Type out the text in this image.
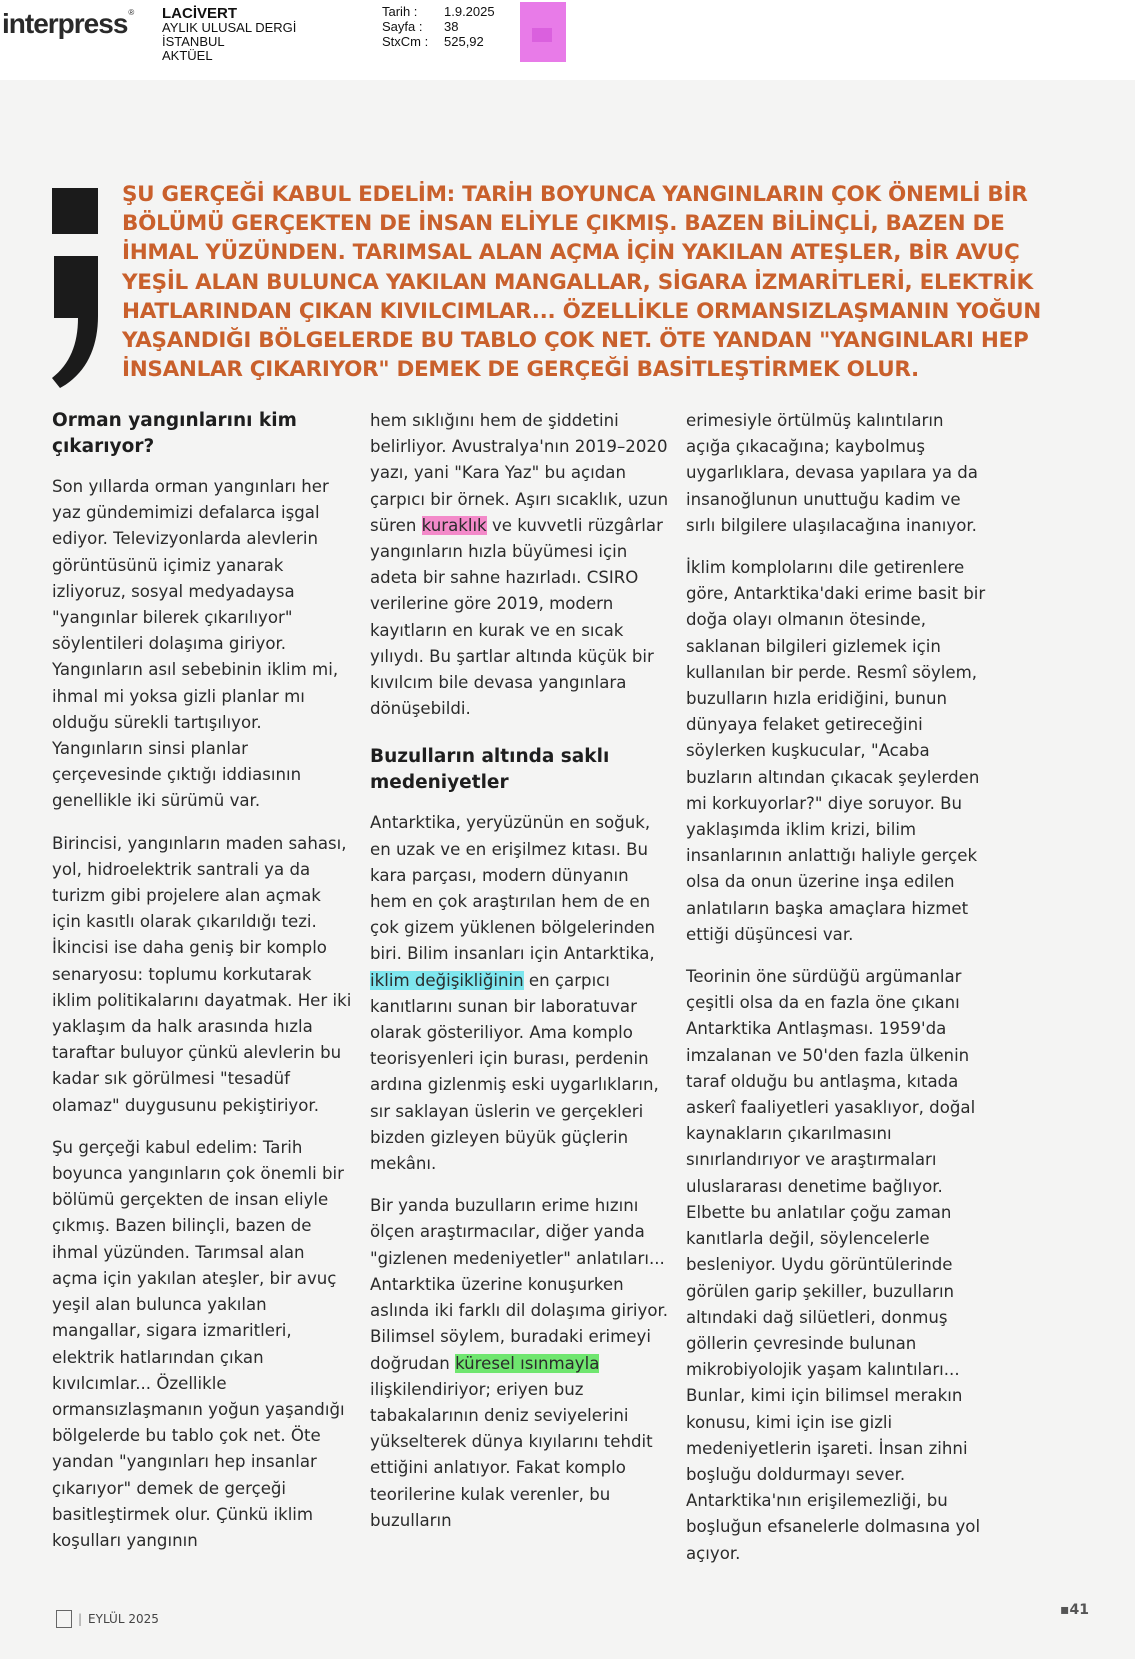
interpress® LACİVERT
AYLIK ULUSAL DERGİ
İSTANBUL
AKTÜEL
Tarih :	1.9.2025
Sayfa :	38
StxCm :	525,92

ŞU GERÇEĞİ KABUL EDELİM: TARİH BOYUNCA YANGINLARIN ÇOK ÖNEMLİ BİR BÖLÜMÜ GERÇEKTEN DE İNSAN ELİYLE ÇIKMIŞ. BAZEN BİLİNÇLİ, BAZEN DE İHMAL YÜZÜNDEN. TARIMSAL ALAN AÇMA İÇİN YAKILAN ATEŞLER, BİR AVUÇ YEŞİL ALAN BULUNCA YAKILAN MANGALLAR, SİGARA İZMARİTLERİ, ELEKTRİK HATLARINDAN ÇIKAN KIVILCIMLAR... ÖZELLİKLE ORMANSIZLAŞMANIN YOĞUN YAŞANDIĞI BÖLGELERDE BU TABLO ÇOK NET. ÖTE YANDAN "YANGINLARI HEP İNSANLAR ÇIKARIYOR" DEMEK DE GERÇEĞİ BASİTLEŞTİRMEK OLUR.

Orman yangınlarını kim çıkarıyor?

Son yıllarda orman yangınları her yaz gündemimizi defalarca işgal ediyor. Televizyonlarda alevlerin görüntüsünü içimiz yanarak izliyoruz, sosyal medyadaysa "yangınlar bilerek çıkarılıyor" söylentileri dolaşıma giriyor. Yangınların asıl sebebinin iklim mi, ihmal mi yoksa gizli planlar mı olduğu sürekli tartışılıyor. Yangınların sinsi planlar çerçevesinde çıktığı iddiasının genellikle iki sürümü var.

Birincisi, yangınların maden sahası, yol, hidroelektrik santrali ya da turizm gibi projelere alan açmak için kasıtlı olarak çıkarıldığı tezi. İkincisi ise daha geniş bir komplo senaryosu: toplumu korkutarak iklim politikalarını dayatmak. Her iki yaklaşım da halk arasında hızla taraftar buluyor çünkü alevlerin bu kadar sık görülmesi "tesadüf olamaz" duygusunu pekiştiriyor.

Şu gerçeği kabul edelim: Tarih boyunca yangınların çok önemli bir bölümü gerçekten de insan eliyle çıkmış. Bazen bilinçli, bazen de ihmal yüzünden. Tarımsal alan açma için yakılan ateşler, bir avuç yeşil alan bulunca yakılan mangallar, sigara izmaritleri, elektrik hatlarından çıkan kıvılcımlar... Özellikle ormansızlaşmanın yoğun yaşandığı bölgelerde bu tablo çok net. Öte yandan "yangınları hep insanlar çıkarıyor" demek de gerçeği basitleştirmek olur. Çünkü iklim koşulları yangının

hem sıklığını hem de şiddetini belirliyor. Avustralya'nın 2019–2020 yazı, yani "Kara Yaz" bu açıdan çarpıcı bir örnek. Aşırı sıcaklık, uzun süren kuraklık ve kuvvetli rüzgârlar yangınların hızla büyümesi için adeta bir sahne hazırladı. CSIRO verilerine göre 2019, modern kayıtların en kurak ve en sıcak yılıydı. Bu şartlar altında küçük bir kıvılcım bile devasa yangınlara dönüşebildi.

Buzulların altında saklı medeniyetler

Antarktika, yeryüzünün en soğuk, en uzak ve en erişilmez kıtası. Bu kara parçası, modern dünyanın hem en çok araştırılan hem de en çok gizem yüklenen bölgelerinden biri. Bilim insanları için Antarktika, iklim değişikliğinin en çarpıcı kanıtlarını sunan bir laboratuvar olarak gösteriliyor. Ama komplo teorisyenleri için burası, perdenin ardına gizlenmiş eski uygarlıkların, sır saklayan üslerin ve gerçekleri bizden gizleyen büyük güçlerin mekânı.

Bir yanda buzulların erime hızını ölçen araştırmacılar, diğer yanda "gizlenen medeniyetler" anlatıları... Antarktika üzerine konuşurken aslında iki farklı dil dolaşıma giriyor. Bilimsel söylem, buradaki erimeyi doğrudan küresel ısınmayla ilişkilendiriyor; eriyen buz tabakalarının deniz seviyelerini yükselterek dünya kıyılarını tehdit ettiğini anlatıyor. Fakat komplo teorilerine kulak verenler, bu buzulların

erimesiyle örtülmüş kalıntıların açığa çıkacağına; kaybolmuş uygarlıklara, devasa yapılara ya da insanoğlunun unuttuğu kadim ve sırlı bilgilere ulaşılacağına inanıyor.

İklim komplolarını dile getirenlere göre, Antarktika'daki erime basit bir doğa olayı olmanın ötesinde, saklanan bilgileri gizlemek için kullanılan bir perde. Resmî söylem, buzulların hızla eridiğini, bunun dünyaya felaket getireceğini söylerken kuşkucular, "Acaba buzların altından çıkacak şeylerden mi korkuyorlar?" diye soruyor. Bu yaklaşımda iklim krizi, bilim insanlarının anlattığı haliyle gerçek olsa da onun üzerine inşa edilen anlatıların başka amaçlara hizmet ettiği düşüncesi var.

Teorinin öne sürdüğü argümanlar çeşitli olsa da en fazla öne çıkanı Antarktika Antlaşması. 1959'da imzalanan ve 50'den fazla ülkenin taraf olduğu bu antlaşma, kıtada askerî faaliyetleri yasaklıyor, doğal kaynakların çıkarılmasını sınırlandırıyor ve araştırmaları uluslararası denetime bağlıyor. Elbette bu anlatılar çoğu zaman kanıtlarla değil, söylencelerle besleniyor. Uydu görüntülerinde görülen garip şekiller, buzulların altındaki dağ silüetleri, donmuş göllerin çevresinde bulunan mikrobiyolojik yaşam kalıntıları... Bunlar, kimi için bilimsel merakın konusu, kimi için ise gizli medeniyetlerin işareti. İnsan zihni boşluğu doldurmayı sever. Antarktika'nın erişilemezliği, bu boşluğun efsanelerle dolmasına yol açıyor.

| EYLÜL 2025
▪41
